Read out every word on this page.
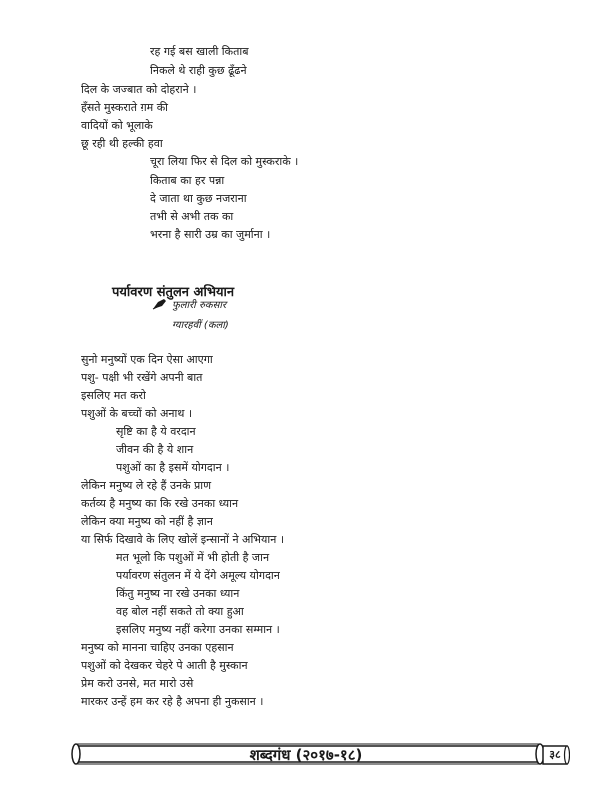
रह गई बस खाली किताब
निकले थे राही कुछ ढूँढने
दिल के जज्बात को दोहराने ।
हँसते मुस्कराते ग़म की
वादियों को भूलाके
छू रही थी हल्की हवा
चूरा लिया फिर से दिल को मुस्कराके ।
किताब का हर पन्ना
दे जाता था कुछ नजराना
तभी से अभी तक का
भरना है सारी उम्र का जुर्माना ।
पर्यावरण संतुलन अभियान
फुलारी रुकसार
ग्यारहवीं (कला)
सुनो मनुष्यों एक दिन ऐसा आएगा
पशु- पक्षी भी रखेंगे अपनी बात
इसलिए मत करो
पशुओं के बच्चों को अनाथ ।
सृष्टि का है ये वरदान
जीवन की है ये शान
पशुओं का है इसमें योगदान ।
लेकिन मनुष्य ले रहे हैं उनके प्राण
कर्तव्य है मनुष्य का कि रखे उनका ध्यान
लेकिन क्या मनुष्य को नहीं है ज्ञान
या सिर्फ दिखावे के लिए खोलें इन्सानों ने अभियान ।
मत भूलो कि पशुओं में भी होती है जान
पर्यावरण संतुलन में ये देंगे अमूल्य योगदान
किंतु मनुष्य ना रखे उनका ध्यान
वह बोल नहीं सकते तो क्या हुआ
इसलिए मनुष्य नहीं करेगा उनका सम्मान ।
मनुष्य को मानना चाहिए उनका एहसान
पशुओं को देखकर चेहरे पे आती है मुस्कान
प्रेम करो उनसे, मत मारो उसे
मारकर उन्हें हम कर रहे है अपना ही नुकसान ।
शब्दगंध (२०१७-१८)	३८
